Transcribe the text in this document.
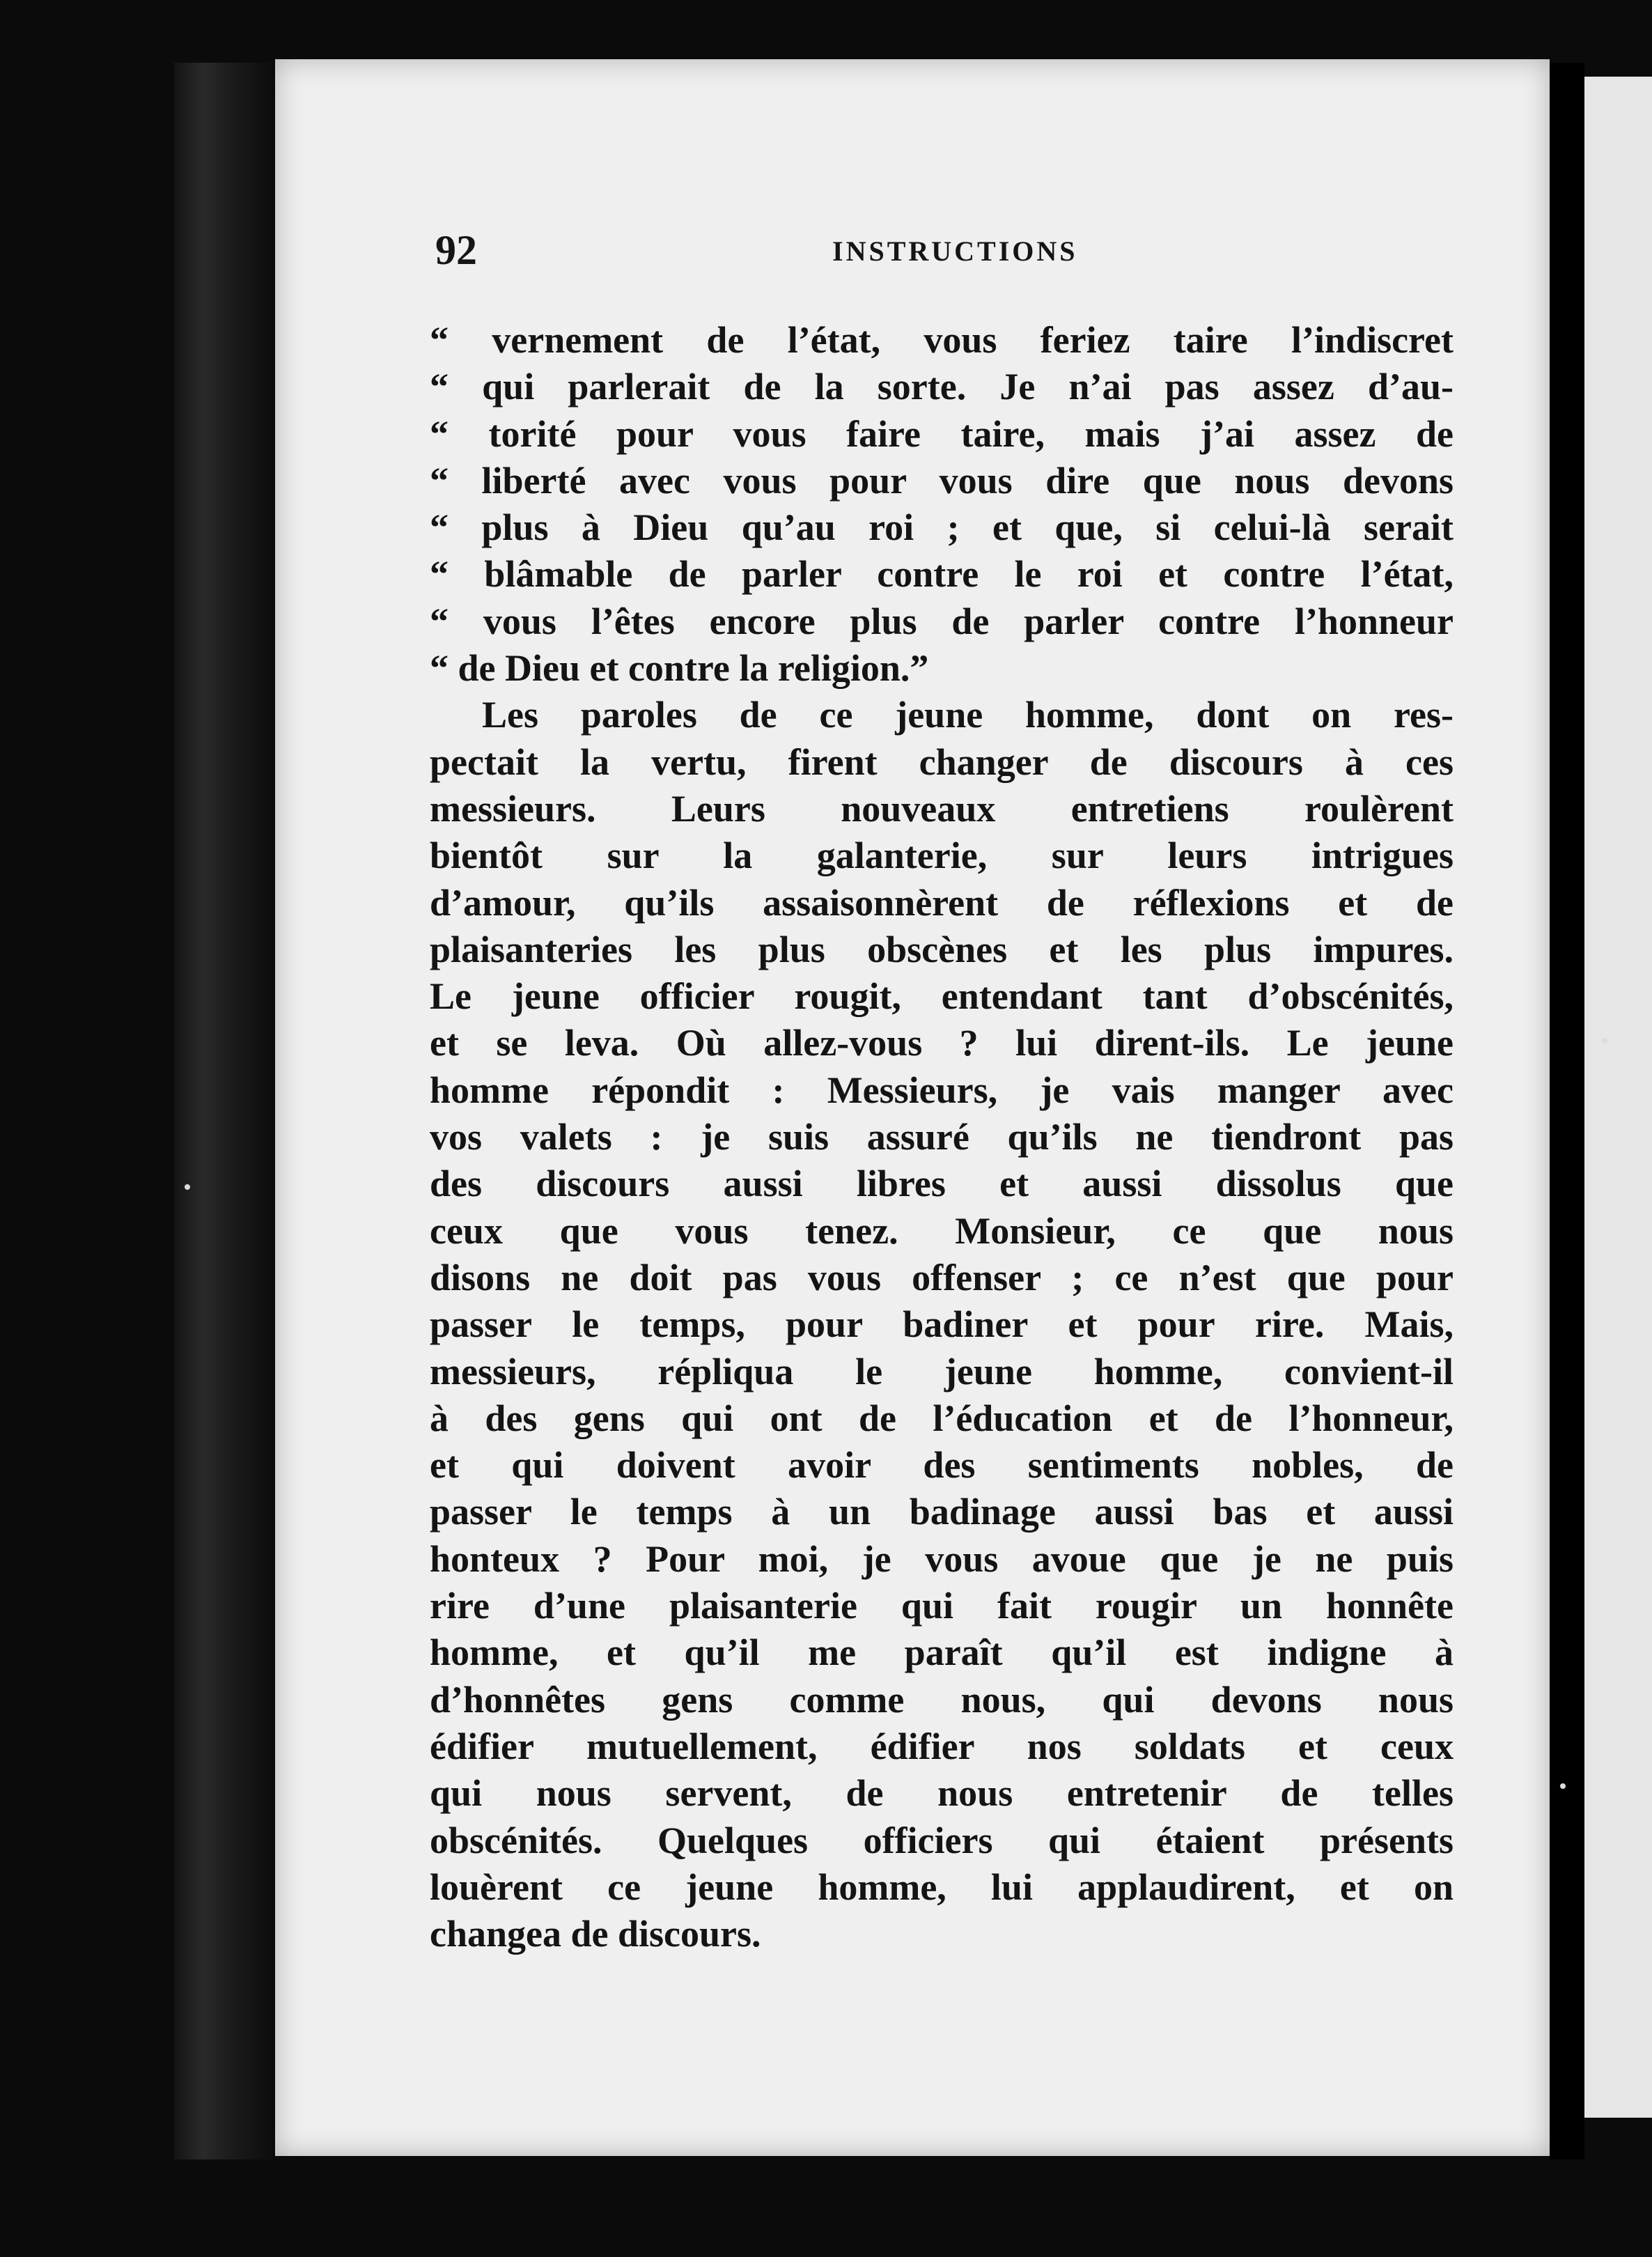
92	INSTRUCTIONS
“ vernement de l’état, vous feriez taire l’indiscret
“ qui parlerait de la sorte. Je n’ai pas assez d’au-
“ torité pour vous faire taire, mais j’ai assez de
“ liberté avec vous pour vous dire que nous devons
“ plus à Dieu qu’au roi ; et que, si celui-là serait
“ blâmable de parler contre le roi et contre l’état,
“ vous l’êtes encore plus de parler contre l’honneur
“ de Dieu et contre la religion.”
Les paroles de ce jeune homme, dont on res-
pectait la vertu, firent changer de discours à ces
messieurs. Leurs nouveaux entretiens roulèrent
bientôt sur la galanterie, sur leurs intrigues
d’amour, qu’ils assaisonnèrent de réflexions et de
plaisanteries les plus obscènes et les plus impures.
Le jeune officier rougit, entendant tant d’obscénités,
et se leva. Où allez-vous ? lui dirent-ils. Le jeune
homme répondit : Messieurs, je vais manger avec
vos valets : je suis assuré qu’ils ne tiendront pas
des discours aussi libres et aussi dissolus que
ceux que vous tenez. Monsieur, ce que nous
disons ne doit pas vous offenser ; ce n’est que pour
passer le temps, pour badiner et pour rire. Mais,
messieurs, répliqua le jeune homme, convient-il
à des gens qui ont de l’éducation et de l’honneur,
et qui doivent avoir des sentiments nobles, de
passer le temps à un badinage aussi bas et aussi
honteux ? Pour moi, je vous avoue que je ne puis
rire d’une plaisanterie qui fait rougir un honnête
homme, et qu’il me paraît qu’il est indigne à
d’honnêtes gens comme nous, qui devons nous
édifier mutuellement, édifier nos soldats et ceux
qui nous servent, de nous entretenir de telles
obscénités. Quelques officiers qui étaient présents
louèrent ce jeune homme, lui applaudirent, et on
changea de discours.
